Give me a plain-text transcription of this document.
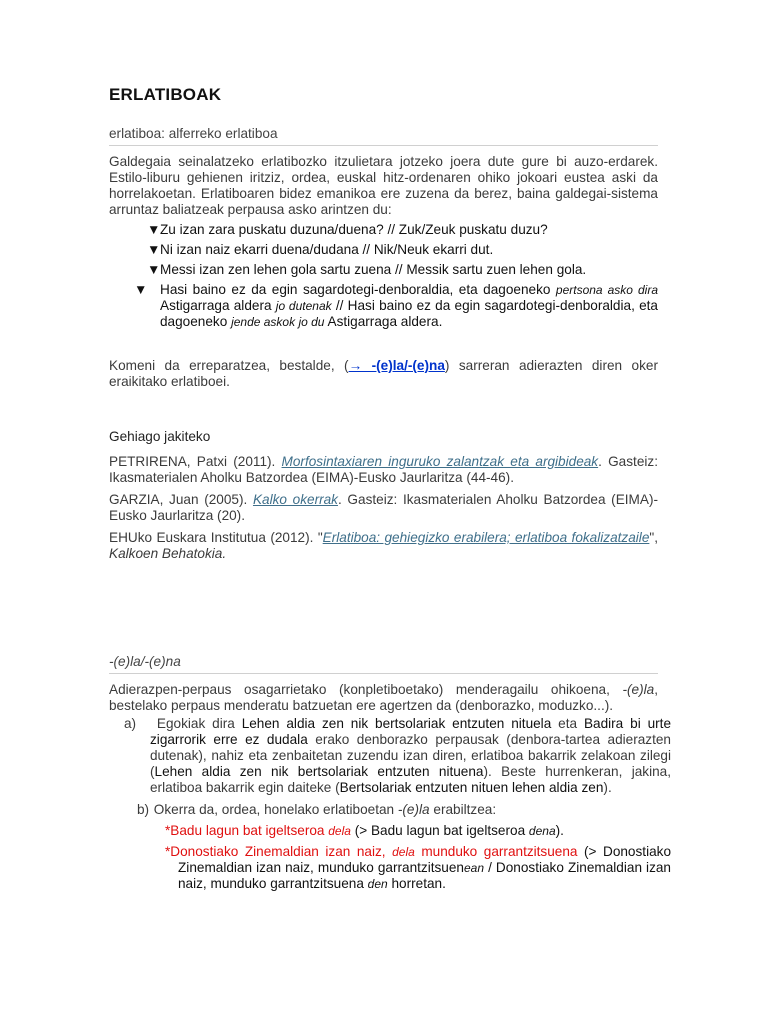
ERLATIBOAK
erlatiboa: alferreko erlatiboa
Galdegaia seinalatzeko erlatibozko itzulietara jotzeko joera dute gure bi auzo-erdarek. Estilo-liburu gehienen iritziz, ordea, euskal hitz-ordenaren ohiko jokoari eustea aski da horrelakoetan. Erlatiboaren bidez emanikoa ere zuzena da berez, baina galdegai-sistema arruntaz baliatzeak perpausa asko arintzen du:
▼Zu izan zara puskatu duzuna/duena? // Zuk/Zeuk puskatu duzu?
▼Ni izan naiz ekarri duena/dudana // Nik/Neuk ekarri dut.
▼Messi izan zen lehen gola sartu zuena // Messik sartu zuen lehen gola.
▼ Hasi baino ez da egin sagardotegi-denboraldia, eta dagoeneko pertsona asko dira Astigarraga aldera jo dutenak // Hasi baino ez da egin sagardotegi-denboraldia, eta dagoeneko jende askok jo du Astigarraga aldera.
Komeni da erreparatzea, bestalde, (→ -(e)la/-(e)na) sarreran adierazten diren oker eraikitako erlatiboei.
Gehiago jakiteko

PETRIRENA, Patxi (2011). Morfosintaxiaren inguruko zalantzak eta argibideak. Gasteiz: Ikasmaterialen Aholku Batzordea (EIMA)-Eusko Jaurlaritza (44-46).

GARZIA, Juan (2005). Kalko okerrak. Gasteiz: Ikasmaterialen Aholku Batzordea (EIMA)-Eusko Jaurlaritza (20).

EHUko Euskara Institutua (2012). "Erlatiboa: gehiegizko erabilera; erlatiboa fokalizatzaile", Kalkoen Behatokia.

-(e)la/-(e)na
Adierazpen-perpaus osagarrietako (konpletiboetako) menderagailu ohikoena, -(e)la, bestelako perpaus menderatu batzuetan ere agertzen da (denborazko, moduzko...).
a) Egokiak dira Lehen aldia zen nik bertsolariak entzuten nituela eta Badira bi urte zigarrorik erre ez dudala erako denborazko perpausak (denbora-tartea adierazten dutenak), nahiz eta zenbaitetan zuzendu izan diren, erlatiboa bakarrik zelakoan zilegi (Lehen aldia zen nik bertsolariak entzuten nituena). Beste hurrenkeran, jakina, erlatiboa bakarrik egin daiteke (Bertsolariak entzuten nituen lehen aldia zen).
b) Okerra da, ordea, honelako erlatiboetan -(e)la erabiltzea:
*Badu lagun bat igeltseroa dela (> Badu lagun bat igeltseroa dena).
*Donostiako Zinemaldian izan naiz, dela munduko garrantzitsuena (> Donostiako Zinemaldian izan naiz, munduko garrantzitsuenean / Donostiako Zinemaldian izan naiz, munduko garrantzitsuena den horretan.
